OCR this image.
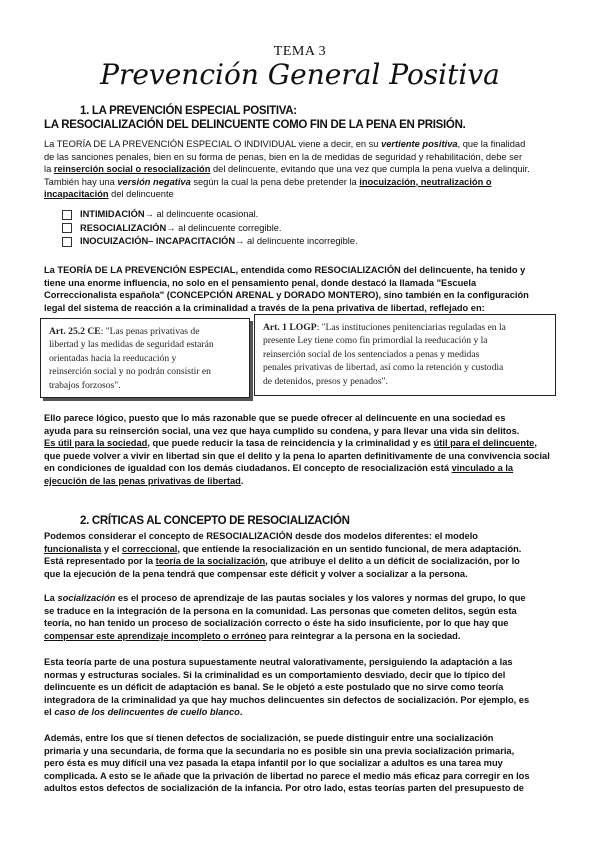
TEMA 3
Prevención General Positiva
1. LA PREVENCIÓN ESPECIAL POSITIVA:
LA RESOCIALIZACIÓN DEL DELINCUENTE COMO FIN DE LA PENA EN PRISIÓN.
La TEORÍA DE LA PREVENCIÓN ESPECIAL O INDIVIDUAL viene a decir, en su vertiente positiva, que la finalidad
de las sanciones penales, bien en su forma de penas, bien en la de medidas de seguridad y rehabilitación, debe ser
la reinserción social o resocialización del delincuente, evitando que una vez que cumpla la pena vuelva a delinquir.
También hay una versión negativa según la cual la pena debe pretender la inocuización, neutralización o
incapacitación del delincuente
INTIMIDACIÓN → al delincuente ocasional.
RESOCIALIZACIÓN → al delincuente corregible.
INOCUIZACIÓN– INCAPACITACIÓN → al delincuente incorregible.
La TEORÍA DE LA PREVENCIÓN ESPECIAL, entendida como RESOCIALIZACIÓN del delincuente, ha tenido y
tiene una enorme influencia, no solo en el pensamiento penal, donde destacó la llamada "Escuela
Correccionalista española" (CONCEPCIÓN ARENAL y DORADO MONTERO), sino también en la configuración
legal del sistema de reacción a la criminalidad a través de la pena privativa de libertad, reflejado en:
Art. 25.2 CE: "Las penas privativas de
libertad y las medidas de seguridad estarán
orientadas hacia la reeducación y
reinserción social y no podrán consistir en
trabajos forzosos".
Art. 1 LOGP: "Las instituciones penitenciarias reguladas en la
presente Ley tiene como fin primordial la reeducación y la
reinserción social de los sentenciados a penas y medidas
penales privativas de libertad, así como la retención y custodia
de detenidos, presos y penados".
Ello parece lógico, puesto que lo más razonable que se puede ofrecer al delincuente en una sociedad es
ayuda para su reinserción social, una vez que haya cumplido su condena, y para llevar una vida sin delitos.
Es útil para la sociedad, que puede reducir la tasa de reincidencia y la criminalidad y es útil para el delincuente,
que puede volver a vivir en libertad sin que el delito y la pena lo aparten definitivamente de una convivencia social
en condiciones de igualdad con los demás ciudadanos. El concepto de resocialización está vinculado a la
ejecución de las penas privativas de libertad.
2. CRÍTICAS AL CONCEPTO DE RESOCIALIZACIÓN
Podemos considerar el concepto de RESOCIALIZACIÓN desde dos modelos diferentes: el modelo
funcionalista y el correccional, que entiende la resocialización en un sentido funcional, de mera adaptación.
Está representado por la teoría de la socialización, que atribuye el delito a un déficit de socialización, por lo
que la ejecución de la pena tendrá que compensar este déficit y volver a socializar a la persona.
La socialización es el proceso de aprendizaje de las pautas sociales y los valores y normas del grupo, lo que
se traduce en la integración de la persona en la comunidad. Las personas que cometen delitos, según esta
teoría, no han tenido un proceso de socialización correcto o éste ha sido insuficiente, por lo que hay que
compensar este aprendizaje incompleto o erróneo para reintegrar a la persona en la sociedad.
Esta teoría parte de una postura supuestamente neutral valorativamente, persiguiendo la adaptación a las
normas y estructuras sociales. Si la criminalidad es un comportamiento desviado, decir que lo típico del
delincuente es un déficit de adaptación es banal. Se le objetó a este postulado que no sirve como teoría
integradora de la criminalidad ya que hay muchos delincuentes sin defectos de socialización. Por ejemplo, es
el caso de los delincuentes de cuello blanco.
Además, entre los que sí tienen defectos de socialización, se puede distinguir entre una socialización
primaria y una secundaria, de forma que la secundaria no es posible sin una previa socialización primaria,
pero ésta es muy difícil una vez pasada la etapa infantil por lo que socializar a adultos es una tarea muy
complicada. A esto se le añade que la privación de libertad no parece el medio más eficaz para corregir en los
adultos estos defectos de socialización de la infancia. Por otro lado, estas teorías parten del presupuesto de
